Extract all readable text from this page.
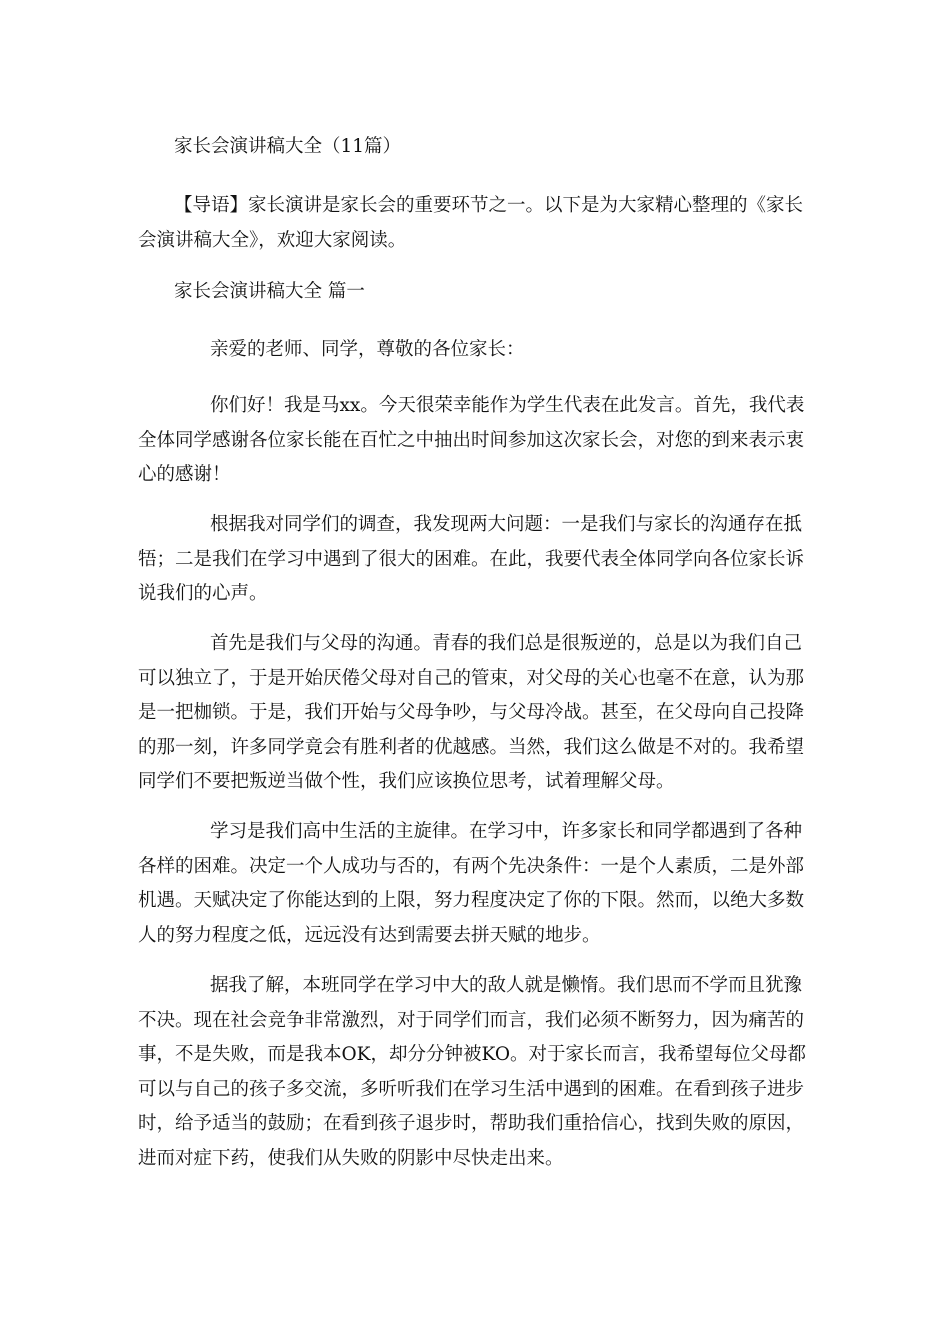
家长会演讲稿大全（11篇）

【导语】家长演讲是家长会的重要环节之一。以下是为大家精心整理的《家长会演讲稿大全》，欢迎大家阅读。

家长会演讲稿大全 篇一

亲爱的老师、同学，尊敬的各位家长：

你们好！我是马xx。今天很荣幸能作为学生代表在此发言。首先，我代表全体同学感谢各位家长能在百忙之中抽出时间参加这次家长会，对您的到来表示衷心的感谢！

根据我对同学们的调查，我发现两大问题：一是我们与家长的沟通存在抵牾；二是我们在学习中遇到了很大的困难。在此，我要代表全体同学向各位家长诉说我们的心声。

首先是我们与父母的沟通。青春的我们总是很叛逆的，总是以为我们自己可以独立了，于是开始厌倦父母对自己的管束，对父母的关心也毫不在意，认为那是一把枷锁。于是，我们开始与父母争吵，与父母冷战。甚至，在父母向自己投降的那一刻，许多同学竟会有胜利者的优越感。当然，我们这么做是不对的。我希望同学们不要把叛逆当做个性，我们应该换位思考，试着理解父母。

学习是我们高中生活的主旋律。在学习中，许多家长和同学都遇到了各种各样的困难。决定一个人成功与否的，有两个先决条件：一是个人素质，二是外部机遇。天赋决定了你能达到的上限，努力程度决定了你的下限。然而，以绝大多数人的努力程度之低，远远没有达到需要去拼天赋的地步。

据我了解，本班同学在学习中大的敌人就是懒惰。我们思而不学而且犹豫不决。现在社会竞争非常激烈，对于同学们而言，我们必须不断努力，因为痛苦的事，不是失败，而是我本OK，却分分钟被KO。对于家长而言，我希望每位父母都可以与自己的孩子多交流，多听听我们在学习生活中遇到的困难。在看到孩子进步时，给予适当的鼓励；在看到孩子退步时，帮助我们重拾信心，找到失败的原因，进而对症下药，使我们从失败的阴影中尽快走出来。
